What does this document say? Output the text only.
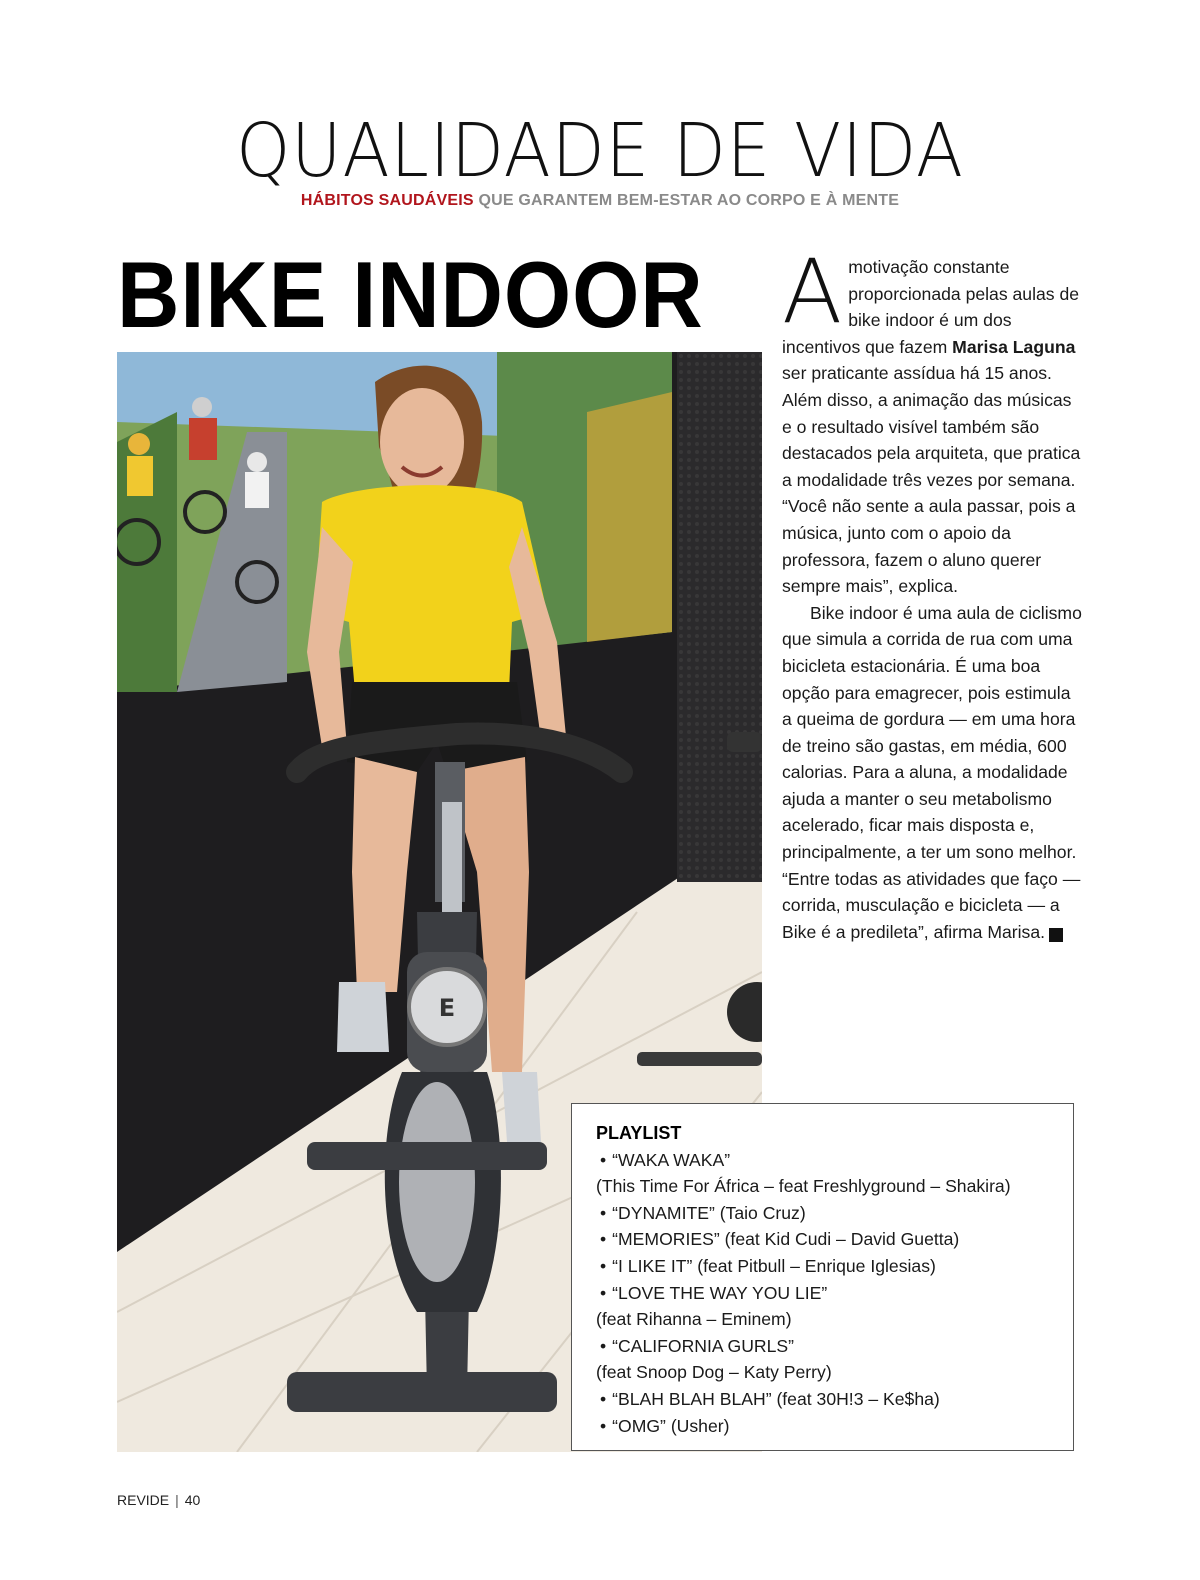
QUALIDADE DE VIDA
HÁBITOS SAUDÁVEIS QUE GARANTEM BEM-ESTAR AO CORPO E À MENTE
BIKE INDOOR
E
A motivação constante proporcionada pelas aulas de bike indoor é um dos incentivos que fazem Marisa Laguna ser praticante assídua há 15 anos. Além disso, a animação das músicas e o resultado visível também são destacados pela arquiteta, que pratica a modalidade três vezes por semana. “Você não sente a aula passar, pois a música, junto com o apoio da professora, fazem o aluno querer sempre mais”, explica.

Bike indoor é uma aula de ciclismo que simula a corrida de rua com uma bicicleta estacionária. É uma boa opção para emagrecer, pois estimula a queima de gordura — em uma hora de treino são gastas, em média, 600 calorias. Para a aluna, a modalidade ajuda a manter o seu metabolismo acelerado, ficar mais disposta e, principalmente, a ter um sono melhor. “Entre todas as atividades que faço — corrida, musculação e bicicleta — a Bike é a predileta”, afirma Marisa.	r

PLAYLIST
• “WAKA WAKA”
(This Time For África – feat Freshlyground – Shakira)
• “DYNAMITE” (Taio Cruz)
• “MEMORIES” (feat Kid Cudi – David Guetta)
• “I LIKE IT” (feat Pitbull – Enrique Iglesias)
• “LOVE THE WAY YOU LIE”
(feat Rihanna – Eminem)
• “CALIFORNIA GURLS”
(feat Snoop Dog – Katy Perry)
• “BLAH BLAH BLAH” (feat 30H!3 – Ke$ha)
• “OMG” (Usher)
REVIDE | 40
